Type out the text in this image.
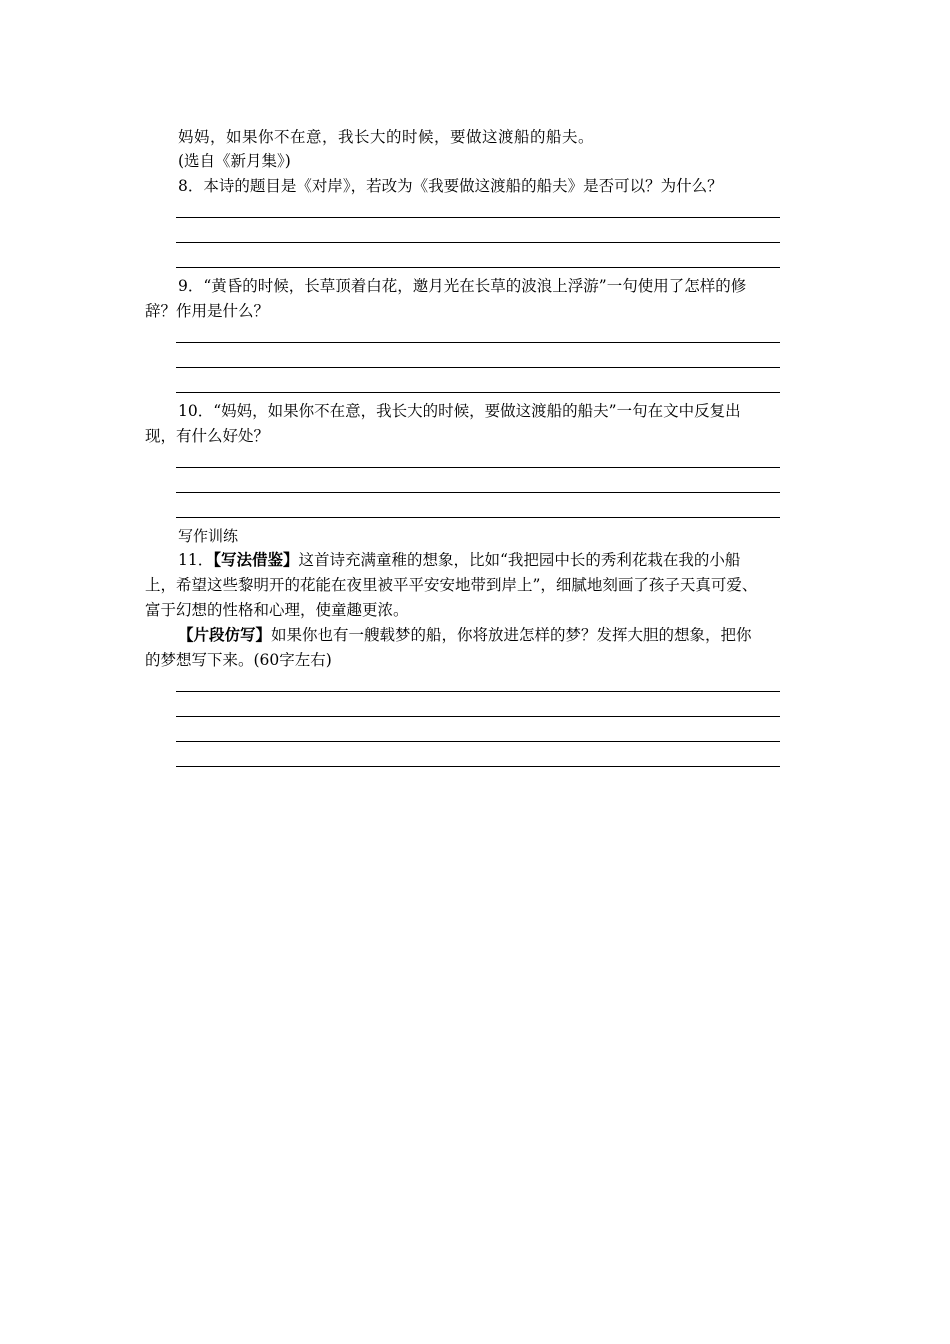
妈妈，如果你不在意，我长大的时候，要做这渡船的船夫。
(选自《新月集》)
8．本诗的题目是《对岸》，若改为《我要做这渡船的船夫》是否可以？为什么？
9．“黄昏的时候，长草顶着白花，邀月光在长草的波浪上浮游”一句使用了怎样的修
辞？作用是什么？
10．“妈妈，如果你不在意，我长大的时候，要做这渡船的船夫”一句在文中反复出
现，有什么好处？
写作训练
11．【写法借鉴】这首诗充满童稚的想象，比如“我把园中长的秀利花栽在我的小船
上，希望这些黎明开的花能在夜里被平平安安地带到岸上”，细腻地刻画了孩子天真可爱、
富于幻想的性格和心理，使童趣更浓。
【片段仿写】如果你也有一艘载梦的船，你将放进怎样的梦？发挥大胆的想象，把你
的梦想写下来。(60字左右)
